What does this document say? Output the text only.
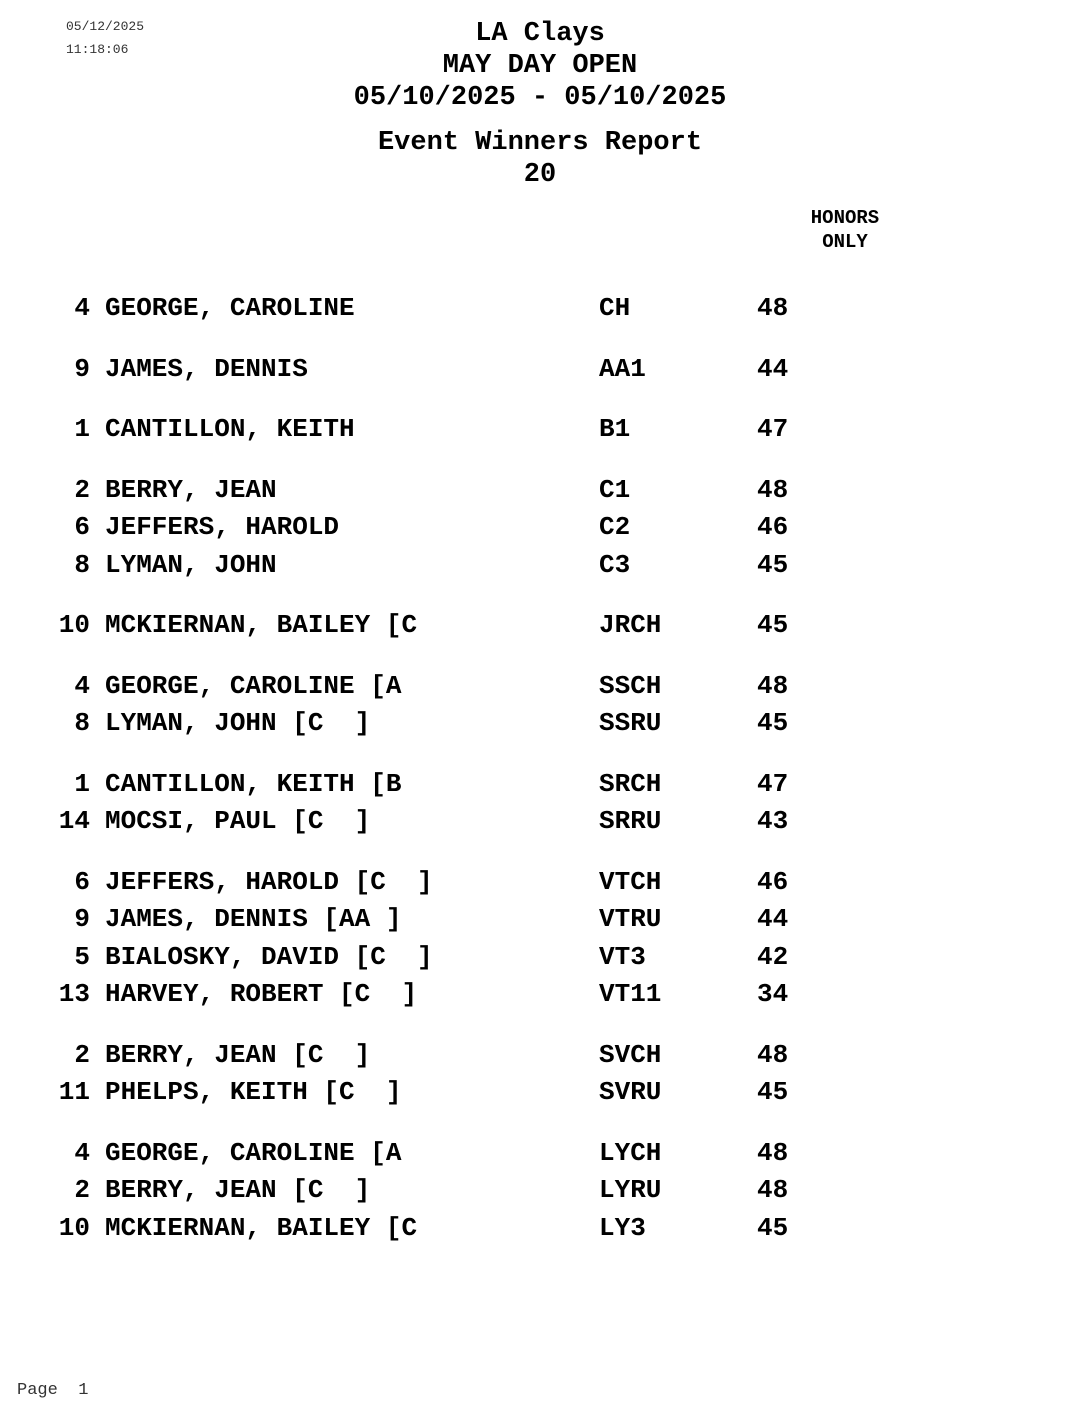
05/12/2025
11:18:06
LA Clays
MAY DAY OPEN
05/10/2025 - 05/10/2025
Event Winners Report
20
HONORS
ONLY
4 GEORGE, CAROLINE	CH	48
9 JAMES, DENNIS	AA1	44
1 CANTILLON, KEITH	B1	47
2 BERRY, JEAN	C1	48
6 JEFFERS, HAROLD	C2	46
8 LYMAN, JOHN	C3	45
10 MCKIERNAN, BAILEY [C	JRCH	45
4 GEORGE, CAROLINE [A	SSCH	48
8 LYMAN, JOHN [C  ]	SSRU	45
1 CANTILLON, KEITH [B	SRCH	47
14 MOCSI, PAUL [C  ]	SRRU	43
6 JEFFERS, HAROLD [C  ]	VTCH	46
9 JAMES, DENNIS [AA ]	VTRU	44
5 BIALOSKY, DAVID [C  ]	VT3	42
13 HARVEY, ROBERT [C  ]	VT11	34
2 BERRY, JEAN [C  ]	SVCH	48
11 PHELPS, KEITH [C  ]	SVRU	45
4 GEORGE, CAROLINE [A	LYCH	48
2 BERRY, JEAN [C  ]	LYRU	48
10 MCKIERNAN, BAILEY [C	LY3	45
Page 1
